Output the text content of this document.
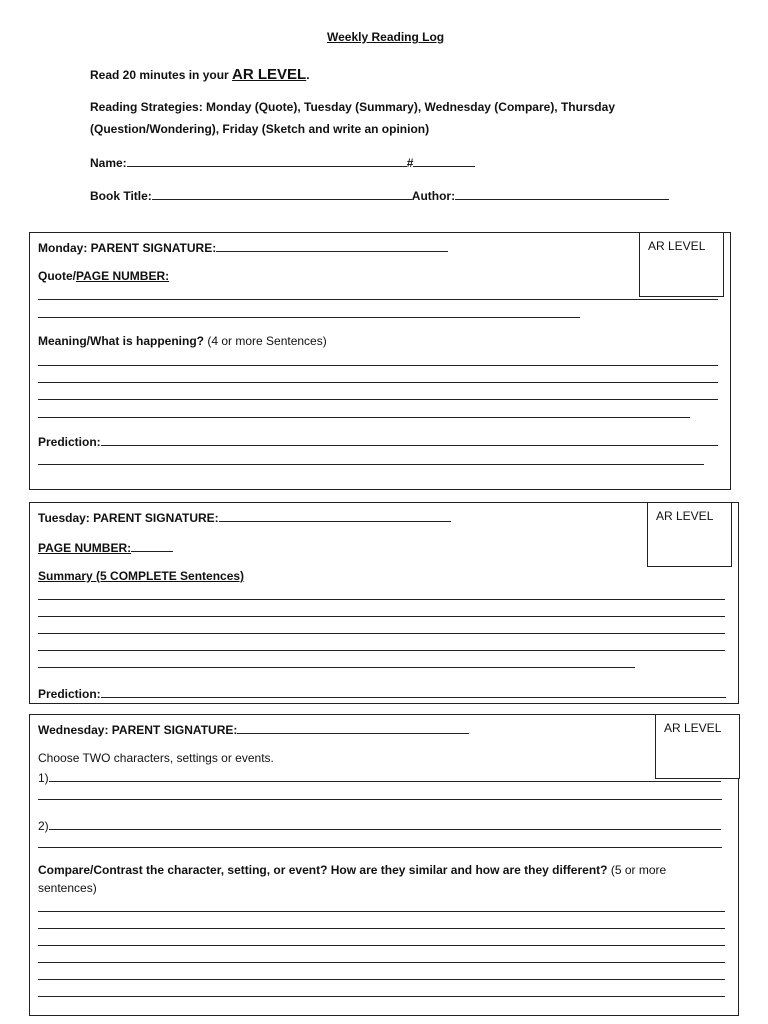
Weekly Reading Log
Read 20 minutes in your AR LEVEL.
Reading Strategies: Monday (Quote), Tuesday (Summary), Wednesday (Compare), Thursday
(Question/Wondering), Friday (Sketch and write an opinion)
Name:	#
Book Title:	Author:
Monday: PARENT SIGNATURE:	AR LEVEL
Quote/PAGE NUMBER:
Meaning/What is happening? (4 or more Sentences)
Prediction:
Tuesday: PARENT SIGNATURE:	AR LEVEL
PAGE NUMBER:
Summary (5 COMPLETE Sentences)
Prediction:
Wednesday: PARENT SIGNATURE:	AR LEVEL
Choose TWO characters, settings or events.
1)
2)
Compare/Contrast the character, setting, or event? How are they similar and how are they different? (5 or more
sentences)
